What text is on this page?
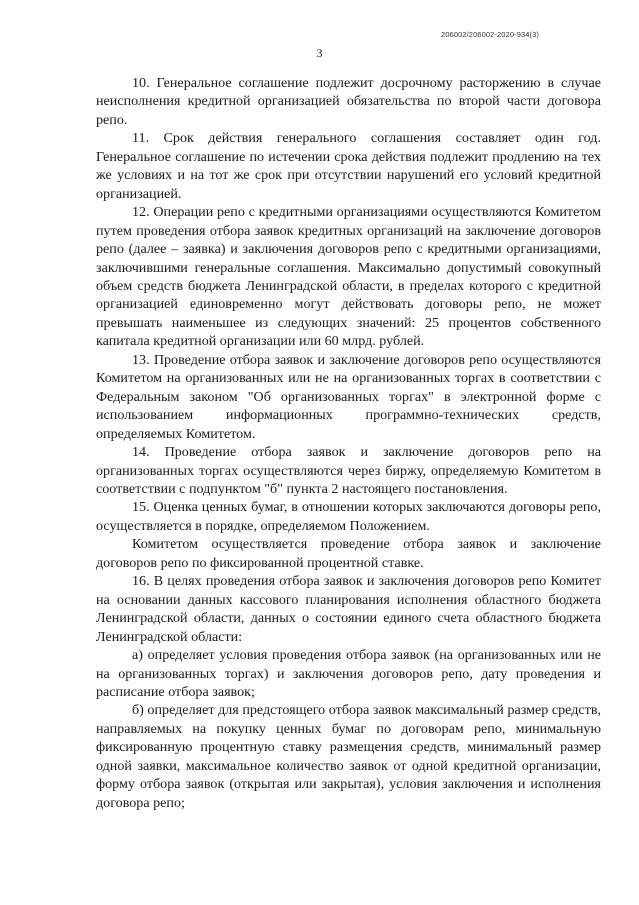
206002/206002-2020-934(3)
3

10. Генеральное соглашение подлежит досрочному расторжению в случае неисполнения кредитной организацией обязательства по второй части договора репо.

11. Срок действия генерального соглашения составляет один год. Генеральное соглашение по истечении срока действия подлежит продлению на тех же условиях и на тот же срок при отсутствии нарушений его условий кредитной организацией.

12. Операции репо с кредитными организациями осуществляются Комитетом путем проведения отбора заявок кредитных организаций на заключение договоров репо (далее – заявка) и заключения договоров репо с кредитными организациями, заключившими генеральные соглашения. Максимально допустимый совокупный объем средств бюджета Ленинградской области, в пределах которого с кредитной организацией единовременно могут действовать договоры репо, не может превышать наименьшее из следующих значений: 25 процентов собственного капитала кредитной организации или 60 млрд. рублей.

13. Проведение отбора заявок и заключение договоров репо осуществляются Комитетом на организованных или не на организованных торгах в соответствии с Федеральным законом "Об организованных торгах" в электронной форме с использованием информационных программно-технических средств, определяемых Комитетом.

14. Проведение отбора заявок и заключение договоров репо на организованных торгах осуществляются через биржу, определяемую Комитетом в соответствии с подпунктом "б" пункта 2 настоящего постановления.

15. Оценка ценных бумаг, в отношении которых заключаются договоры репо, осуществляется в порядке, определяемом Положением.

Комитетом осуществляется проведение отбора заявок и заключение договоров репо по фиксированной процентной ставке.

16. В целях проведения отбора заявок и заключения договоров репо Комитет на основании данных кассового планирования исполнения областного бюджета Ленинградской области, данных о состоянии единого счета областного бюджета Ленинградской области:

а) определяет условия проведения отбора заявок (на организованных или не на организованных торгах) и заключения договоров репо, дату проведения и расписание отбора заявок;

б) определяет для предстоящего отбора заявок максимальный размер средств, направляемых на покупку ценных бумаг по договорам репо, минимальную фиксированную процентную ставку размещения средств, минимальный размер одной заявки, максимальное количество заявок от одной кредитной организации, форму отбора заявок (открытая или закрытая), условия заключения и исполнения договора репо;
